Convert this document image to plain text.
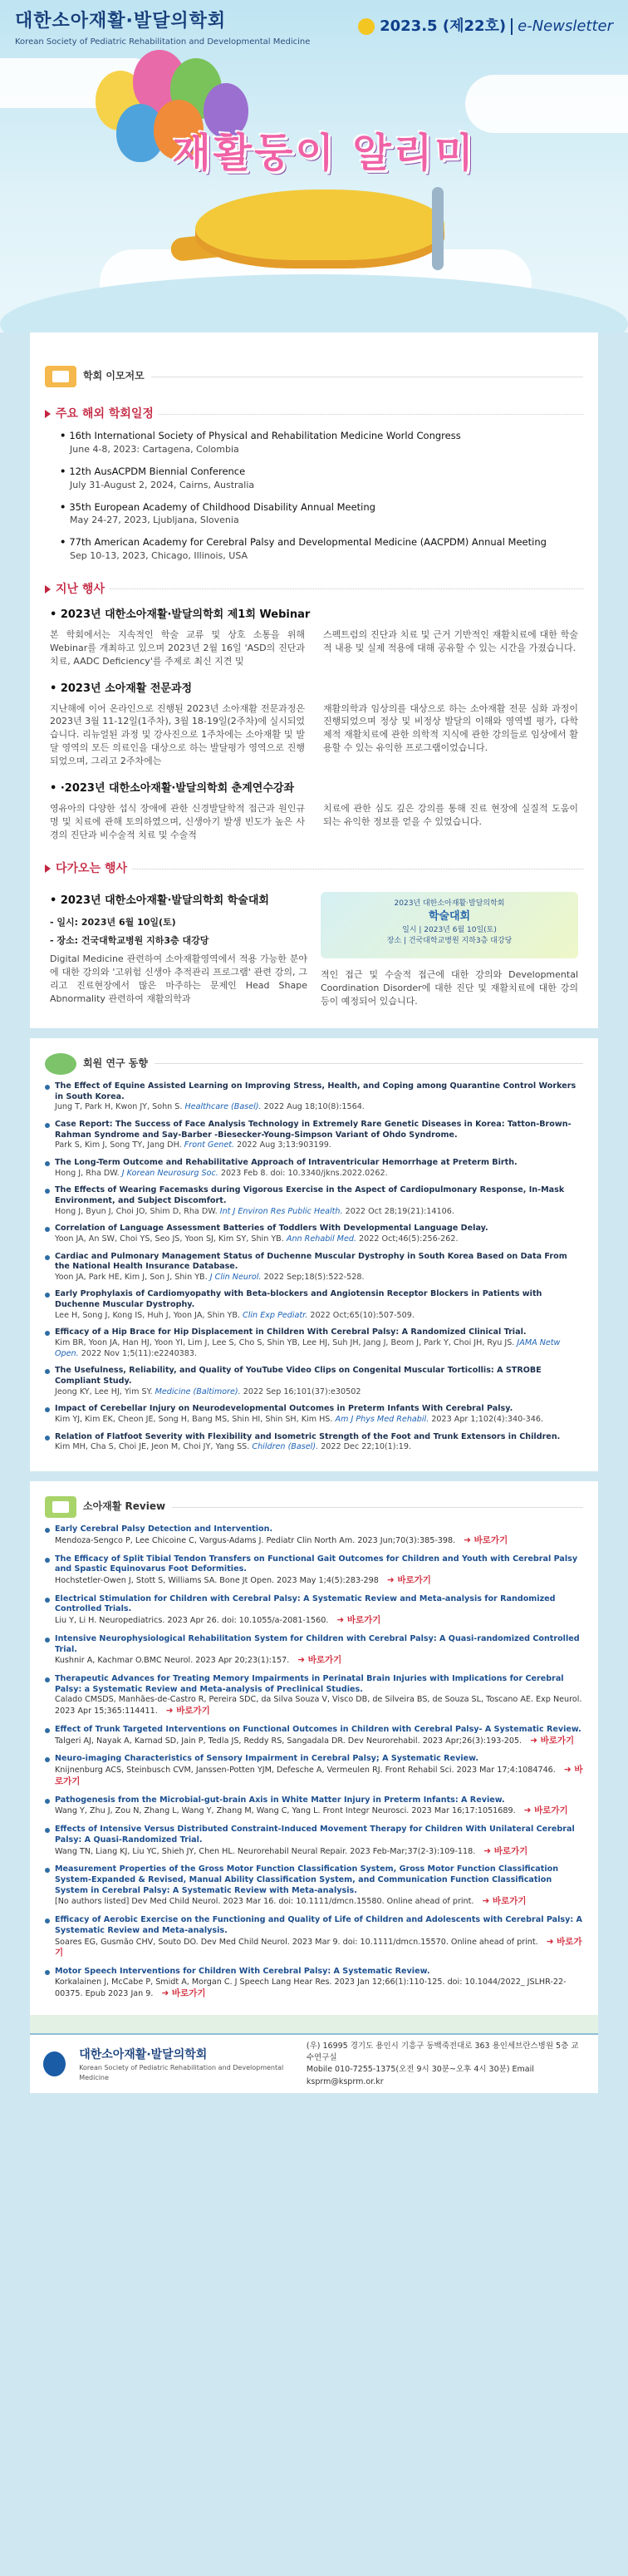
대한소아재활·발달의학회
Korean Society of Pediatric Rehabilitation and Developmental Medicine
2023.5 (제22호) e-Newsletter
재활둥이 알리미
학회 이모저모
주요 해외 학회일정
• 16th International Society of Physical and Rehabilitation Medicine World Congress
June 4-8, 2023: Cartagena, Colombia
• 12th AusACPDM Biennial Conference
July 31-August 2, 2024, Cairns, Australia
• 35th European Academy of Childhood Disability Annual Meeting
May 24-27, 2023, Ljubljana, Slovenia
• 77th American Academy for Cerebral Palsy and Developmental Medicine (AACPDM) Annual Meeting
Sep 10-13, 2023, Chicago, Illinois, USA
지난 행사
• 2023년 대한소아재활·발달의학회 제1회 Webinar
본 학회에서는 지속적인 학술 교류 및 상호 소통을 위해 Webinar를 개최하고 있으며 2023년 2월 16일 'ASD의 진단과 치료, AADC Deficiency'를 주제로 최신 지견 및
스펙트럼의 진단과 치료 및 근거 기반적인 재활치료에 대한 학술적 내용 및 실제 적용에 대해 공유할 수 있는 시간을 가졌습니다.
• 2023년 소아재활 전문과정
지난해에 이어 온라인으로 진행된 2023년 소아재활 전문과정은 2023년 3월 11-12일(1주차), 3월 18-19일(2주차)에 실시되었습니다. 리뉴얼된 과정 및 강사진으로 1주차에는 소아재활 및 발달 영역의 모든 의료인을 대상으로 하는 발달평가 영역으로 진행되었으며, 그리고 2주차에는
재활의학과 임상의를 대상으로 하는 소아재활 전문 심화 과정이 진행되었으며 정상 및 비정상 발달의 이해와 영역별 평가, 다학제적 재활치료에 관한 의학적 지식에 관한 강의들로 임상에서 활용할 수 있는 유익한 프로그램이었습니다.
• ·2023년 대한소아재활·발달의학회 춘계연수강좌
영유아의 다양한 섭식 장애에 관한 신경발달학적 접근과 원인규명 및 치료에 관해 토의하였으며, 신생아기 발생 빈도가 높은 사경의 진단과 비수술적 치료 및 수술적
치료에 관한 심도 깊은 강의를 통해 진료 현장에 실질적 도움이 되는 유익한 정보를 얻을 수 있었습니다.
다가오는 행사
• 2023년 대한소아재활·발달의학회 학술대회
- 일시: 2023년 6월 10일(토)
- 장소: 건국대학교병원 지하3층 대강당
Digital Medicine 관련하여 소아재활영역에서 적용 가능한 분야에 대한 강의와 '고위험 신생아 추적관리 프로그램' 관련 강의, 그리고 진료현장에서 많은 마주하는 문제인 Head Shape Abnormality 관련하여 재활의학과
2023년 대한소아재활·발달의학회
학술대회
일시 | 2023년 6월 10일(토)
장소 | 건국대학교병원 지하3층 대강당
적인 접근 및 수술적 접근에 대한 강의와 Developmental Coordination Disorder에 대한 진단 및 재활치료에 대한 강의 등이 예정되어 있습니다.
회원 연구 동향
The Effect of Equine Assisted Learning on Improving Stress, Health, and Coping among Quarantine Control Workers in South Korea.
Jung T, Park H, Kwon JY, Sohn S. Healthcare (Basel). 2022 Aug 18;10(8):1564.
Case Report: The Success of Face Analysis Technology in Extremely Rare Genetic Diseases in Korea: Tatton-Brown-Rahman Syndrome and Say-Barber -Biesecker-Young-Simpson Variant of Ohdo Syndrome.
Park S, Kim J, Song TY, Jang DH. Front Genet. 2022 Aug 3;13:903199.
The Long-Term Outcome and Rehabilitative Approach of Intraventricular Hemorrhage at Preterm Birth.
Hong J, Rha DW. J Korean Neurosurg Soc. 2023 Feb 8. doi: 10.3340/jkns.2022.0262.
The Effects of Wearing Facemasks during Vigorous Exercise in the Aspect of Cardiopulmonary Response, In-Mask Environment, and Subject Discomfort.
Hong J, Byun J, Choi JO, Shim D, Rha DW. Int J Environ Res Public Health. 2022 Oct 28;19(21):14106.
Correlation of Language Assessment Batteries of Toddlers With Developmental Language Delay.
Yoon JA, An SW, Choi YS, Seo JS, Yoon SJ, Kim SY, Shin YB. Ann Rehabil Med. 2022 Oct;46(5):256-262.
Cardiac and Pulmonary Management Status of Duchenne Muscular Dystrophy in South Korea Based on Data From the National Health Insurance Database.
Yoon JA, Park HE, Kim J, Son J, Shin YB. J Clin Neurol. 2022 Sep;18(5):522-528.
Early Prophylaxis of Cardiomyopathy with Beta-blockers and Angiotensin Receptor Blockers in Patients with Duchenne Muscular Dystrophy.
Lee H, Song J, Kong IS, Huh J, Yoon JA, Shin YB. Clin Exp Pediatr. 2022 Oct;65(10):507-509.
Efficacy of a Hip Brace for Hip Displacement in Children With Cerebral Palsy: A Randomized Clinical Trial.
Kim BR, Yoon JA, Han HJ, Yoon YI, Lim J, Lee S, Cho S, Shin YB, Lee HJ, Suh JH, Jang J, Beom J, Park Y, Choi JH, Ryu JS. JAMA Netw Open. 2022 Nov 1;5(11):e2240383.
The Usefulness, Reliability, and Quality of YouTube Video Clips on Congenital Muscular Torticollis: A STROBE Compliant Study.
Jeong KY, Lee HJ, Yim SY. Medicine (Baltimore). 2022 Sep 16;101(37):e30502
Impact of Cerebellar Injury on Neurodevelopmental Outcomes in Preterm Infants With Cerebral Palsy.
Kim YJ, Kim EK, Cheon JE, Song H, Bang MS, Shin HI, Shin SH, Kim HS. Am J Phys Med Rehabil. 2023 Apr 1;102(4):340-346.
Relation of Flatfoot Severity with Flexibility and Isometric Strength of the Foot and Trunk Extensors in Children.
Kim MH, Cha S, Choi JE, Jeon M, Choi JY, Yang SS. Children (Basel). 2022 Dec 22;10(1):19.
소아재활 Review
Early Cerebral Palsy Detection and Intervention.
Mendoza-Sengco P, Lee Chicoine C, Vargus-Adams J. Pediatr Clin North Am. 2023 Jun;70(3):385-398. ➜ 바로가기
The Efficacy of Split Tibial Tendon Transfers on Functional Gait Outcomes for Children and Youth with Cerebral Palsy and Spastic Equinovarus Foot Deformities.
Hochstetler-Owen J, Stott S, Williams SA. Bone Jt Open. 2023 May 1;4(5):283-298 ➜ 바로가기
Electrical Stimulation for Children with Cerebral Palsy: A Systematic Review and Meta-analysis for Randomized Controlled Trials.
Liu Y, Li H. Neuropediatrics. 2023 Apr 26. doi: 10.1055/a-2081-1560. ➜ 바로가기
Intensive Neurophysiological Rehabilitation System for Children with Cerebral Palsy: A Quasi-randomized Controlled Trial.
Kushnir A, Kachmar O.BMC Neurol. 2023 Apr 20;23(1):157. ➜ 바로가기
Therapeutic Advances for Treating Memory Impairments in Perinatal Brain Injuries with Implications for Cerebral Palsy: a Systematic Review and Meta-analysis of Preclinical Studies.
Calado CMSDS, Manhães-de-Castro R, Pereira SDC, da Silva Souza V, Visco DB, de Silveira BS, de Souza SL, Toscano AE. Exp Neurol. 2023 Apr 15;365:114411. ➜ 바로가기
Effect of Trunk Targeted Interventions on Functional Outcomes in Children with Cerebral Palsy- A Systematic Review.
Talgeri AJ, Nayak A, Karnad SD, Jain P, Tedla JS, Reddy RS, Sangadala DR. Dev Neurorehabil. 2023 Apr;26(3):193-205. ➜ 바로가기
Neuro-imaging Characteristics of Sensory Impairment in Cerebral Palsy; A Systematic Review.
Knijnenburg ACS, Steinbusch CVM, Janssen-Potten YJM, Defesche A, Vermeulen RJ. Front Rehabil Sci. 2023 Mar 17;4:1084746. ➜ 바로가기
Pathogenesis from the Microbial-gut-brain Axis in White Matter Injury in Preterm Infants: A Review.
Wang Y, Zhu J, Zou N, Zhang L, Wang Y, Zhang M, Wang C, Yang L. Front Integr Neurosci. 2023 Mar 16;17:1051689. ➜ 바로가기
Effects of Intensive Versus Distributed Constraint-Induced Movement Therapy for Children With Unilateral Cerebral Palsy: A Quasi-Randomized Trial.
Wang TN, Liang KJ, Liu YC, Shieh JY, Chen HL. Neurorehabil Neural Repair. 2023 Feb-Mar;37(2-3):109-118. ➜ 바로가기
Measurement Properties of the Gross Motor Function Classification System, Gross Motor Function Classification System-Expanded & Revised, Manual Ability Classification System, and Communication Function Classification System in Cerebral Palsy: A Systematic Review with Meta-analysis.
[No authors listed] Dev Med Child Neurol. 2023 Mar 16. doi: 10.1111/dmcn.15580. Online ahead of print. ➜ 바로가기
Efficacy of Aerobic Exercise on the Functioning and Quality of Life of Children and Adolescents with Cerebral Palsy: A Systematic Review and Meta-analysis.
Soares EG, Gusmão CHV, Souto DO. Dev Med Child Neurol. 2023 Mar 9. doi: 10.1111/dmcn.15570. Online ahead of print. ➜ 바로가기
Motor Speech Interventions for Children With Cerebral Palsy: A Systematic Review.
Korkalainen J, McCabe P, Smidt A, Morgan C. J Speech Lang Hear Res. 2023 Jan 12;66(1):110-125. doi: 10.1044/2022_ JSLHR-22-00375. Epub 2023 Jan 9. ➜ 바로가기
대한소아재활·발달의학회
Korean Society of Pediatric Rehabilitation and Developmental Medicine
(우) 16995 경기도 용인시 기흥구 동백죽전대로 363 용인세브란스병원 5층 교수연구실
Mobile 010-7255-1375(오전 9시 30분~오후 4시 30분) Email ksprm@ksprm.or.kr
